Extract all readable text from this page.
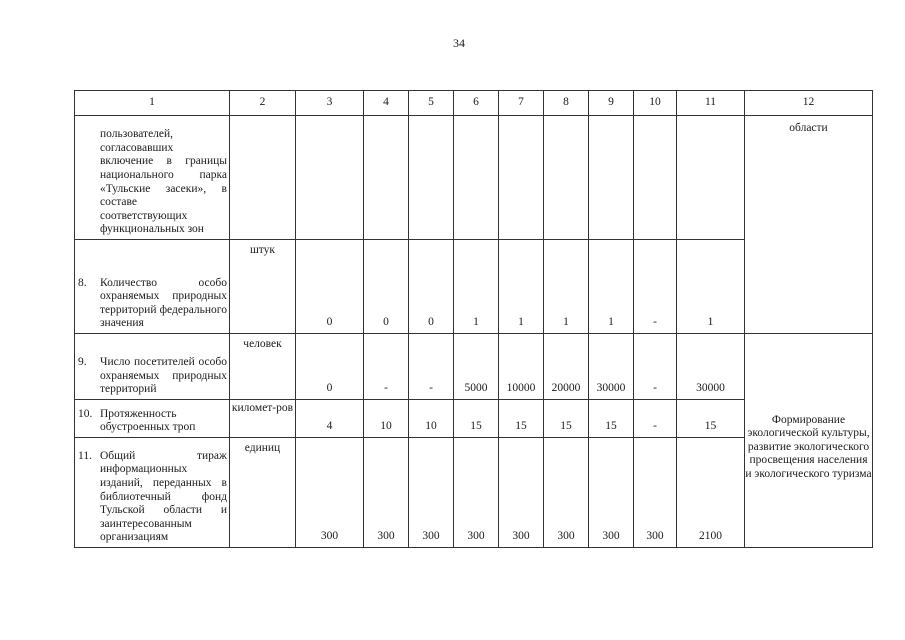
34
1	2	3	4	5	6	7	8	9	10	11	12

пользователей, согласовавших включение в границы национального парка «Тульские засеки», в составе соответствующих функциональных зон											области

8. Количество особо охраняемых природных территорий федерального значения	штук	0	0	0	1	1	1	1	-	1	

9. Число посетителей особо охраняемых природных территорий	человек	0	-	-	5000	10000	20000	30000	-	30000	Формирование экологической культуры, развитие экологического просвещения населения и экологического туризма

10. Протяженность обустроенных троп	километ-ров	4	10	10	15	15	15	15	-	15	

11. Общий тираж информационных изданий, переданных в библиотечный фонд Тульской области и заинтересованным организациям	единиц	300	300	300	300	300	300	300	300	2100	
